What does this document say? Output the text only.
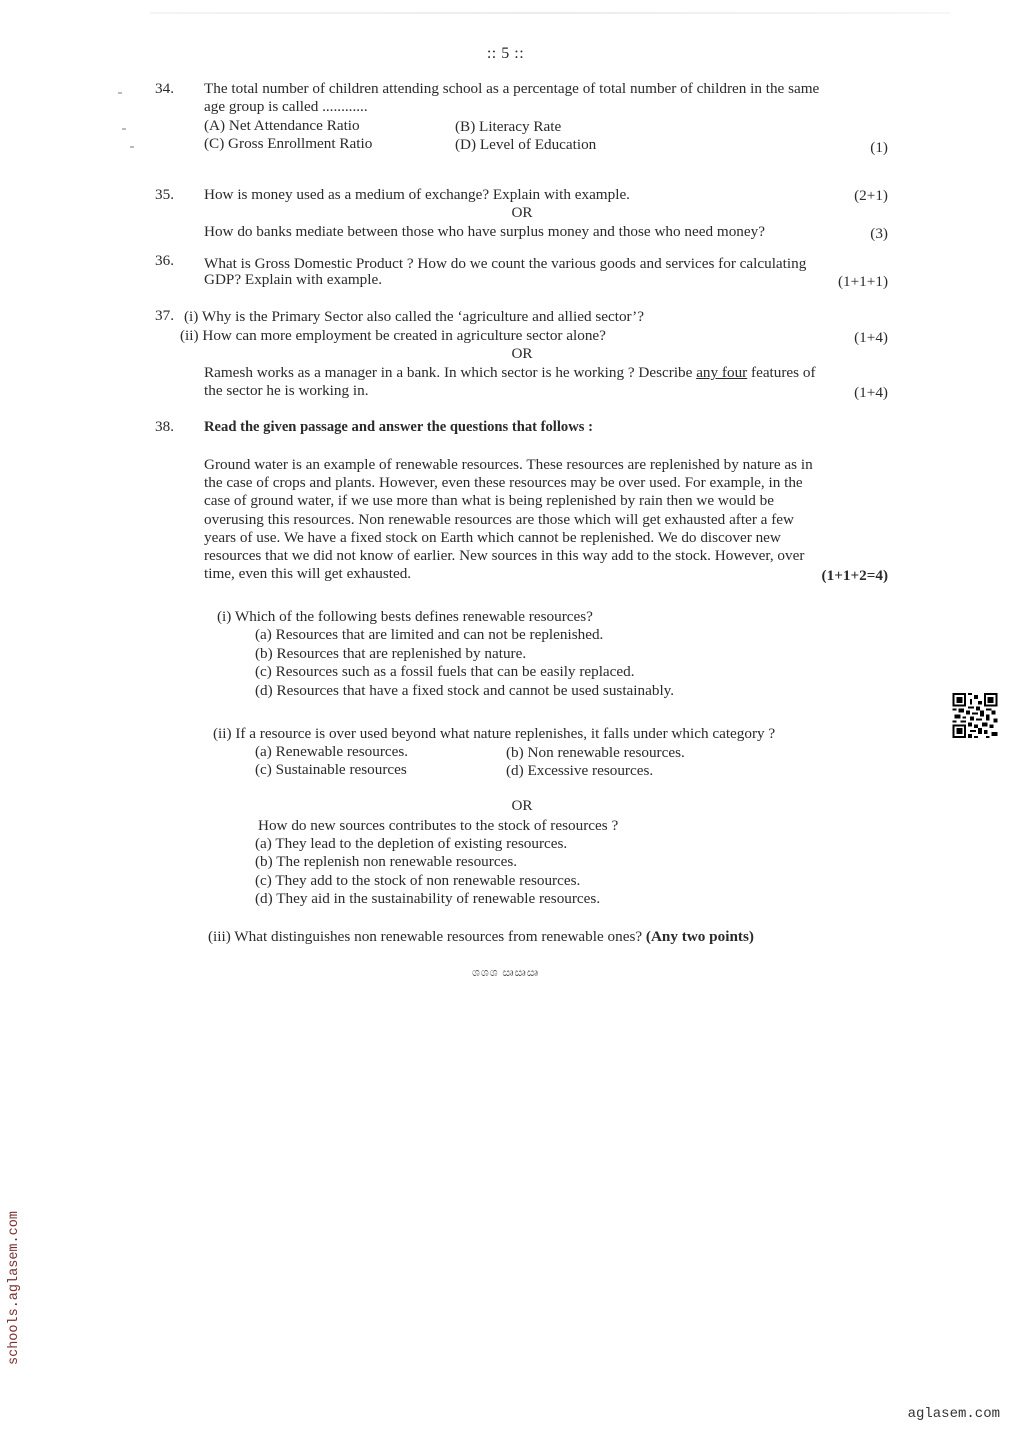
:: 5 ::
34. The total number of children attending school as a percentage of total number of children in the same
age group is called ............
(A) Net Attendance Ratio	(B) Literacy Rate
(C) Gross Enrollment Ratio	(D) Level of Education	(1)
35. How is money used as a medium of exchange? Explain with example.	(2+1)
OR
How do banks mediate between those who have surplus money and those who need money?	(3)
36. What is Gross Domestic Product ? How do we count the various goods and services for calculating
GDP? Explain with example.	(1+1+1)
37. (i) Why is the Primary Sector also called the ‘agriculture and allied sector’?
(ii) How can more employment be created in agriculture sector alone?	(1+4)
OR
Ramesh works as a manager in a bank. In which sector is he working ? Describe any four features of
the sector he is working in.	(1+4)
38. Read the given passage and answer the questions that follows :
Ground water is an example of renewable resources. These resources are replenished by nature as in
the case of crops and plants. However, even these resources may be over used. For example, in the
case of ground water, if we use more than what is being replenished by rain then we would be
overusing this resources. Non renewable resources are those which will get exhausted after a few
years of use. We have a fixed stock on Earth which cannot be replenished. We do discover new
resources that we did not know of earlier. New sources in this way add to the stock. However, over
time, even this will get exhausted.	(1+1+2=4)
(i) Which of the following bests defines renewable resources?
(a) Resources that are limited and can not be replenished.
(b) Resources that are replenished by nature.
(c) Resources such as a fossil fuels that can be easily replaced.
(d) Resources that have a fixed stock and cannot be used sustainably.
(ii) If a resource is over used beyond what nature replenishes, it falls under which category ?
(a) Renewable resources.	(b) Non renewable resources.
(c) Sustainable resources	(d) Excessive resources.
OR
How do new sources contributes to the stock of resources ?
(a) They lead to the depletion of existing resources.
(b) The replenish non renewable resources.
(c) They add to the stock of non renewable resources.
(d) They aid in the sustainability of renewable resources.
(iii) What distinguishes non renewable resources from renewable ones? (Any two points)
ශශශ ඍඍඍ
schools.aglasem.com
aglasem.com
